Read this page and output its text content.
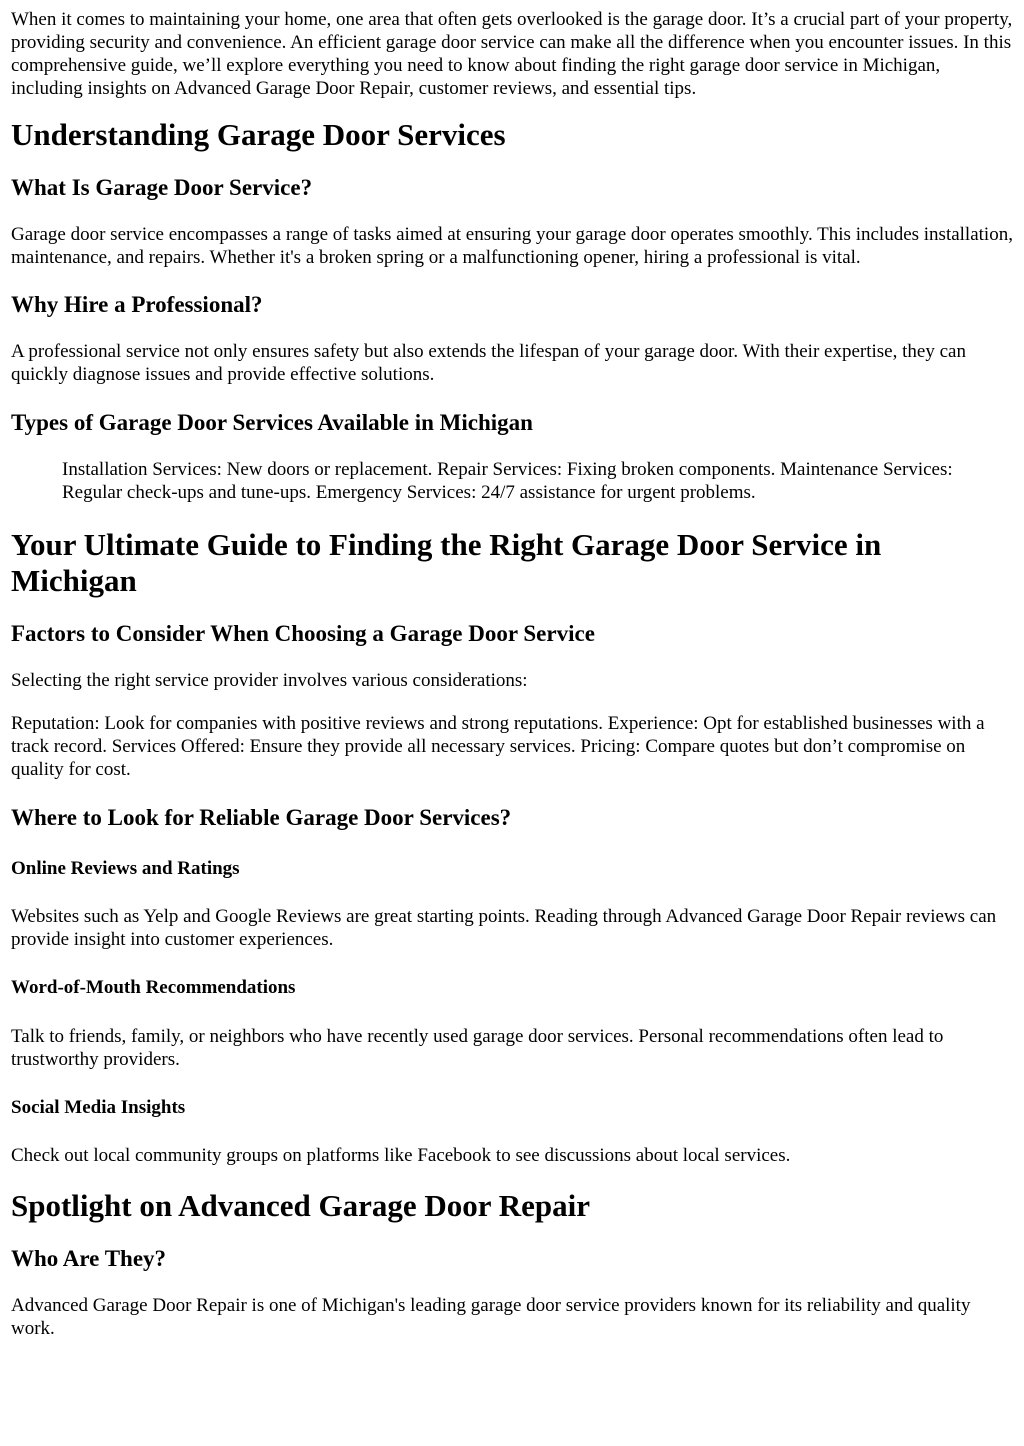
When it comes to maintaining your home, one area that often gets overlooked is the garage door. It’s a crucial part of your property, providing security and convenience. An efficient garage door service can make all the difference when you encounter issues. In this comprehensive guide, we’ll explore everything you need to know about finding the right garage door service in Michigan, including insights on Advanced Garage Door Repair, customer reviews, and essential tips.

Understanding Garage Door Services
What Is Garage Door Service?

Garage door service encompasses a range of tasks aimed at ensuring your garage door operates smoothly. This includes installation, maintenance, and repairs. Whether it's a broken spring or a malfunctioning opener, hiring a professional is vital.

Why Hire a Professional?

A professional service not only ensures safety but also extends the lifespan of your garage door. With their expertise, they can quickly diagnose issues and provide effective solutions.

Types of Garage Door Services Available in Michigan

Installation Services: New doors or replacement. Repair Services: Fixing broken components. Maintenance Services: Regular check-ups and tune-ups. Emergency Services: 24/7 assistance for urgent problems.

Your Ultimate Guide to Finding the Right Garage Door Service in Michigan
Factors to Consider When Choosing a Garage Door Service

Selecting the right service provider involves various considerations:

Reputation: Look for companies with positive reviews and strong reputations. Experience: Opt for established businesses with a track record. Services Offered: Ensure they provide all necessary services. Pricing: Compare quotes but don’t compromise on quality for cost.

Where to Look for Reliable Garage Door Services?
Online Reviews and Ratings

Websites such as Yelp and Google Reviews are great starting points. Reading through Advanced Garage Door Repair reviews can provide insight into customer experiences.

Word-of-Mouth Recommendations

Talk to friends, family, or neighbors who have recently used garage door services. Personal recommendations often lead to trustworthy providers.

Social Media Insights

Check out local community groups on platforms like Facebook to see discussions about local services.

Spotlight on Advanced Garage Door Repair
Who Are They?

Advanced Garage Door Repair is one of Michigan's leading garage door service providers known for its reliability and quality work.
